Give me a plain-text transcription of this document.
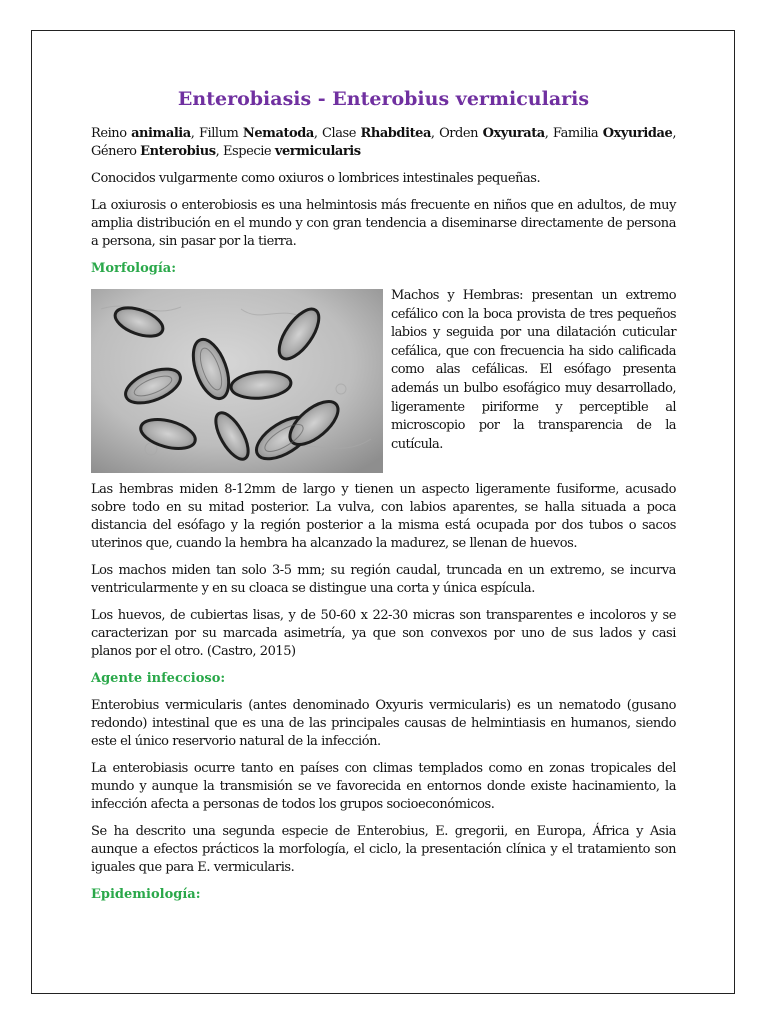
Enterobiasis - Enterobius vermicularis

Reino animalia, Fillum Nematoda, Clase Rhabditea, Orden Oxyurata, Familia Oxyuridae, Género Enterobius, Especie vermicularis

Conocidos vulgarmente como oxiuros o lombrices intestinales pequeñas.

La oxiurosis o enterobiosis es una helmintosis más frecuente en niños que en adultos, de muy amplia distribución en el mundo y con gran tendencia a diseminarse directamente de persona a persona, sin pasar por la tierra.

Morfología:

Machos y Hembras: presentan un extremo cefálico con la boca provista de tres pequeños labios y seguida por una dilatación cuticular cefálica, que con frecuencia ha sido calificada como alas cefálicas. El esófago presenta además un bulbo esofágico muy desarrollado, ligeramente piriforme y perceptible al microscopio por la transparencia de la cutícula.

Las hembras miden 8-12mm de largo y tienen un aspecto ligeramente fusiforme, acusado sobre todo en su mitad posterior. La vulva, con labios aparentes, se halla situada a poca distancia del esófago y la región posterior a la misma está ocupada por dos tubos o sacos uterinos que, cuando la hembra ha alcanzado la madurez, se llenan de huevos.

Los machos miden tan solo 3-5 mm; su región caudal, truncada en un extremo, se incurva ventricularmente y en su cloaca se distingue una corta y única espícula.

Los huevos, de cubiertas lisas, y de 50-60 x 22-30 micras son transparentes e incoloros y se caracterizan por su marcada asimetría, ya que son convexos por uno de sus lados y casi planos por el otro. (Castro, 2015)

Agente infeccioso:

Enterobius vermicularis (antes denominado Oxyuris vermicularis) es un nematodo (gusano redondo) intestinal que es una de las principales causas de helmintiasis en humanos, siendo este el único reservorio natural de la infección.

La enterobiasis ocurre tanto en países con climas templados como en zonas tropicales del mundo y aunque la transmisión se ve favorecida en entornos donde existe hacinamiento, la infección afecta a personas de todos los grupos socioeconómicos.

Se ha descrito una segunda especie de Enterobius, E. gregorii, en Europa, África y Asia aunque a efectos prácticos la morfología, el ciclo, la presentación clínica y el tratamiento son iguales que para E. vermicularis.

Epidemiología:
